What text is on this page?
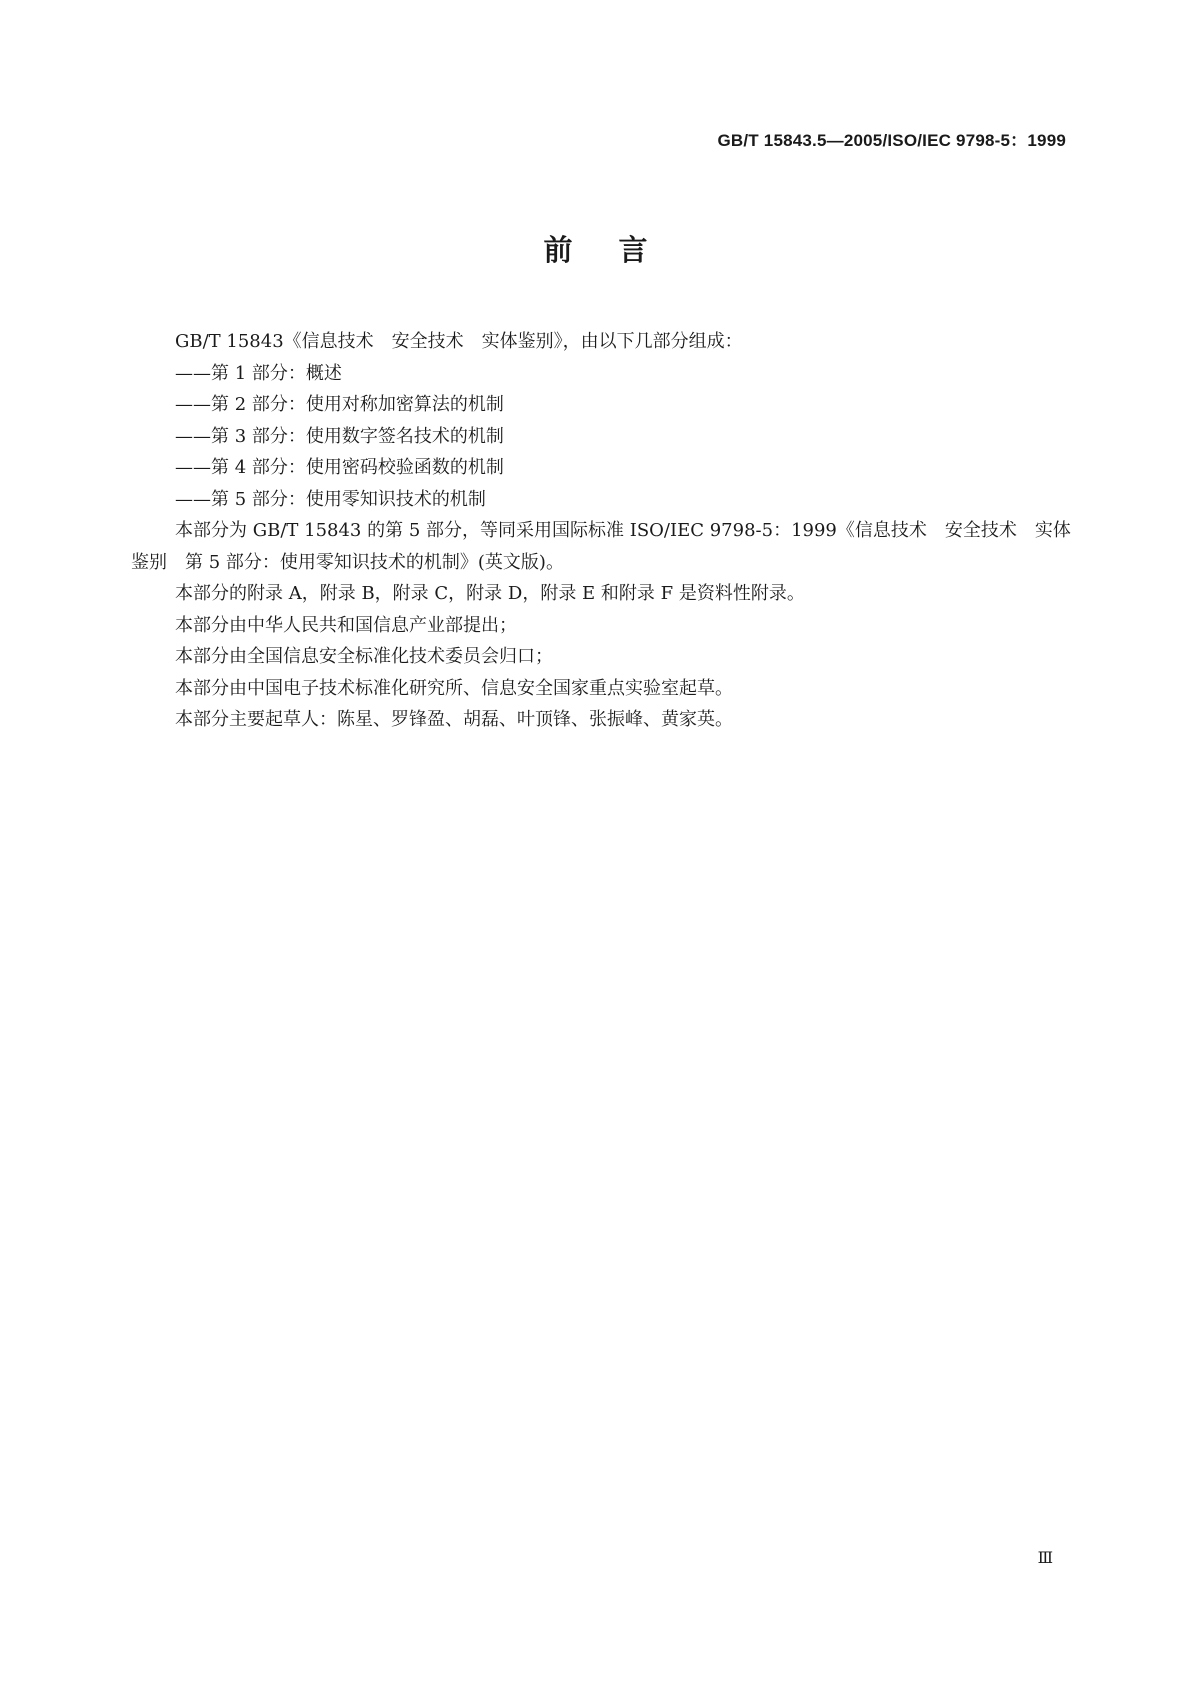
GB/T 15843.5—2005/ISO/IEC 9798-5：1999
前言

GB/T 15843《信息技术　安全技术　实体鉴别》，由以下几部分组成：

——第 1 部分：概述

——第 2 部分：使用对称加密算法的机制

——第 3 部分：使用数字签名技术的机制

——第 4 部分：使用密码校验函数的机制

——第 5 部分：使用零知识技术的机制

本部分为 GB/T 15843 的第 5 部分，等同采用国际标准 ISO/IEC 9798-5：1999《信息技术　安全技术　实体鉴别　第 5 部分：使用零知识技术的机制》(英文版)。

本部分的附录 A，附录 B，附录 C，附录 D，附录 E 和附录 F 是资料性附录。

本部分由中华人民共和国信息产业部提出；

本部分由全国信息安全标准化技术委员会归口；

本部分由中国电子技术标准化研究所、信息安全国家重点实验室起草。

本部分主要起草人：陈星、罗锋盈、胡磊、叶顶锋、张振峰、黄家英。

Ⅲ
